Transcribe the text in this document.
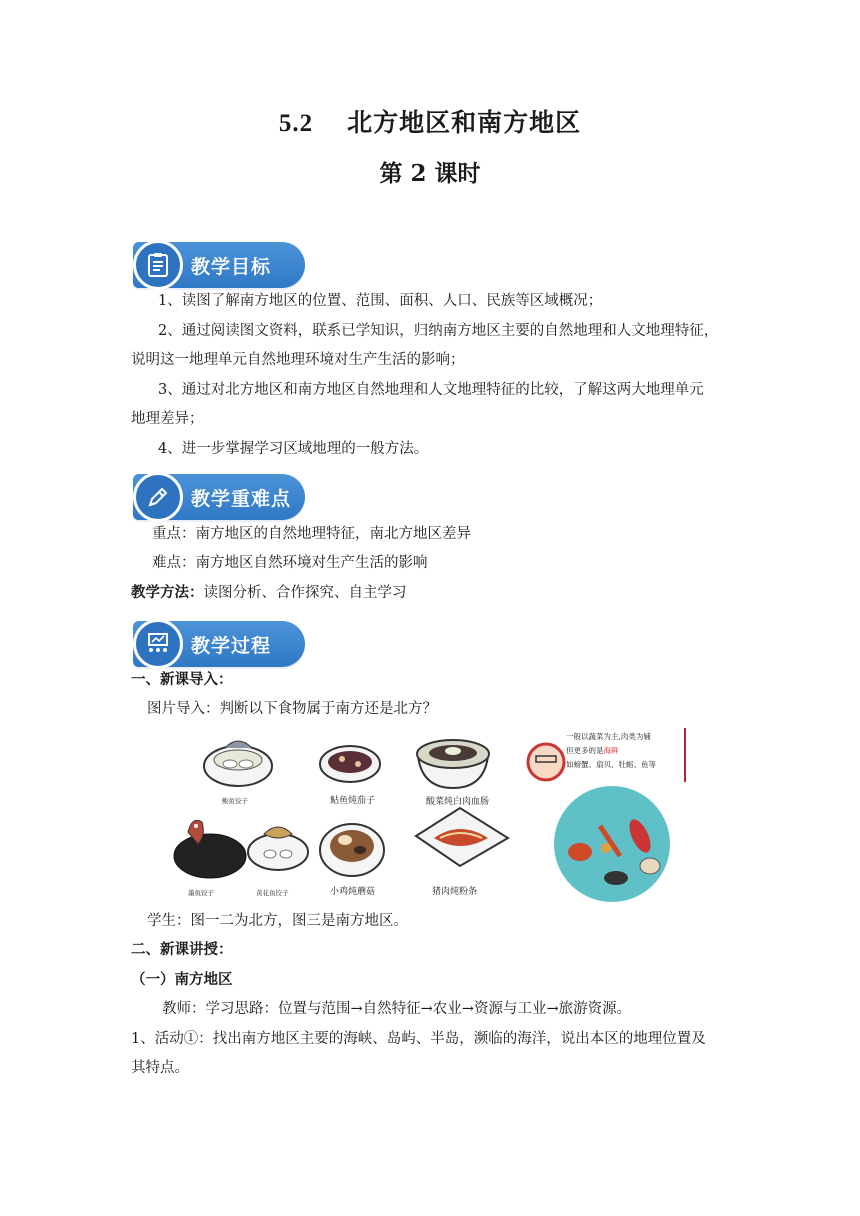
5.2 北方地区和南方地区
第 2 课时
教学目标
1、读图了解南方地区的位置、范围、面积、人口、民族等区域概况；
2、通过阅读图文资料，联系已学知识，归纳南方地区主要的自然地理和人文地理特征，
说明这一地理单元自然地理环境对生产生活的影响；
3、通过对北方地区和南方地区自然地理和人文地理特征的比较，了解这两大地理单元
地理差异；
4、进一步掌握学习区域地理的一般方法。
教学重难点
重点：南方地区的自然地理特征，南北方地区差异
难点：南方地区自然环境对生产生活的影响
教学方法：读图分析、合作探究、自主学习
教学过程
一、新课导入：
图片导入：判断以下食物属于南方还是北方？
鲅鱼饺子
墨鱼饺子	黄花鱼饺子
鲇鱼炖茄子
小鸡炖蘑菇
酸菜炖白肉血肠
猪肉炖粉条
一般以蔬菜为主,肉类为辅
但更多的是海鲜
如螃蟹、扇贝、牡蛎、鱼等
学生：图一二为北方，图三是南方地区。
二、新课讲授：
（一）南方地区
教师：学习思路：位置与范围→自然特征→农业→资源与工业→旅游资源。
1、活动①：找出南方地区主要的海峡、岛屿、半岛，濒临的海洋，说出本区的地理位置及
其特点。
